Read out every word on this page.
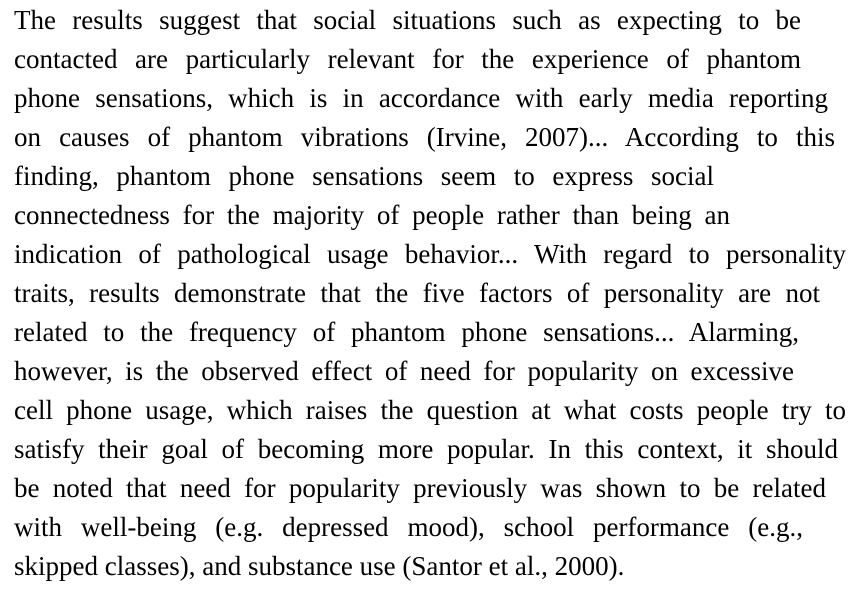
The results suggest that social situations such as expecting to be
contacted are particularly relevant for the experience of phantom
phone sensations, which is in accordance with early media reporting
on causes of phantom vibrations (Irvine, 2007)... According to this
finding, phantom phone sensations seem to express social
connectedness for the majority of people rather than being an
indication of pathological usage behavior... With regard to personality
traits, results demonstrate that the five factors of personality are not
related to the frequency of phantom phone sensations... Alarming,
however, is the observed effect of need for popularity on excessive
cell phone usage, which raises the question at what costs people try to
satisfy their goal of becoming more popular. In this context, it should
be noted that need for popularity previously was shown to be related
with well-being (e.g. depressed mood), school performance (e.g.,
skipped classes), and substance use (Santor et al., 2000).
